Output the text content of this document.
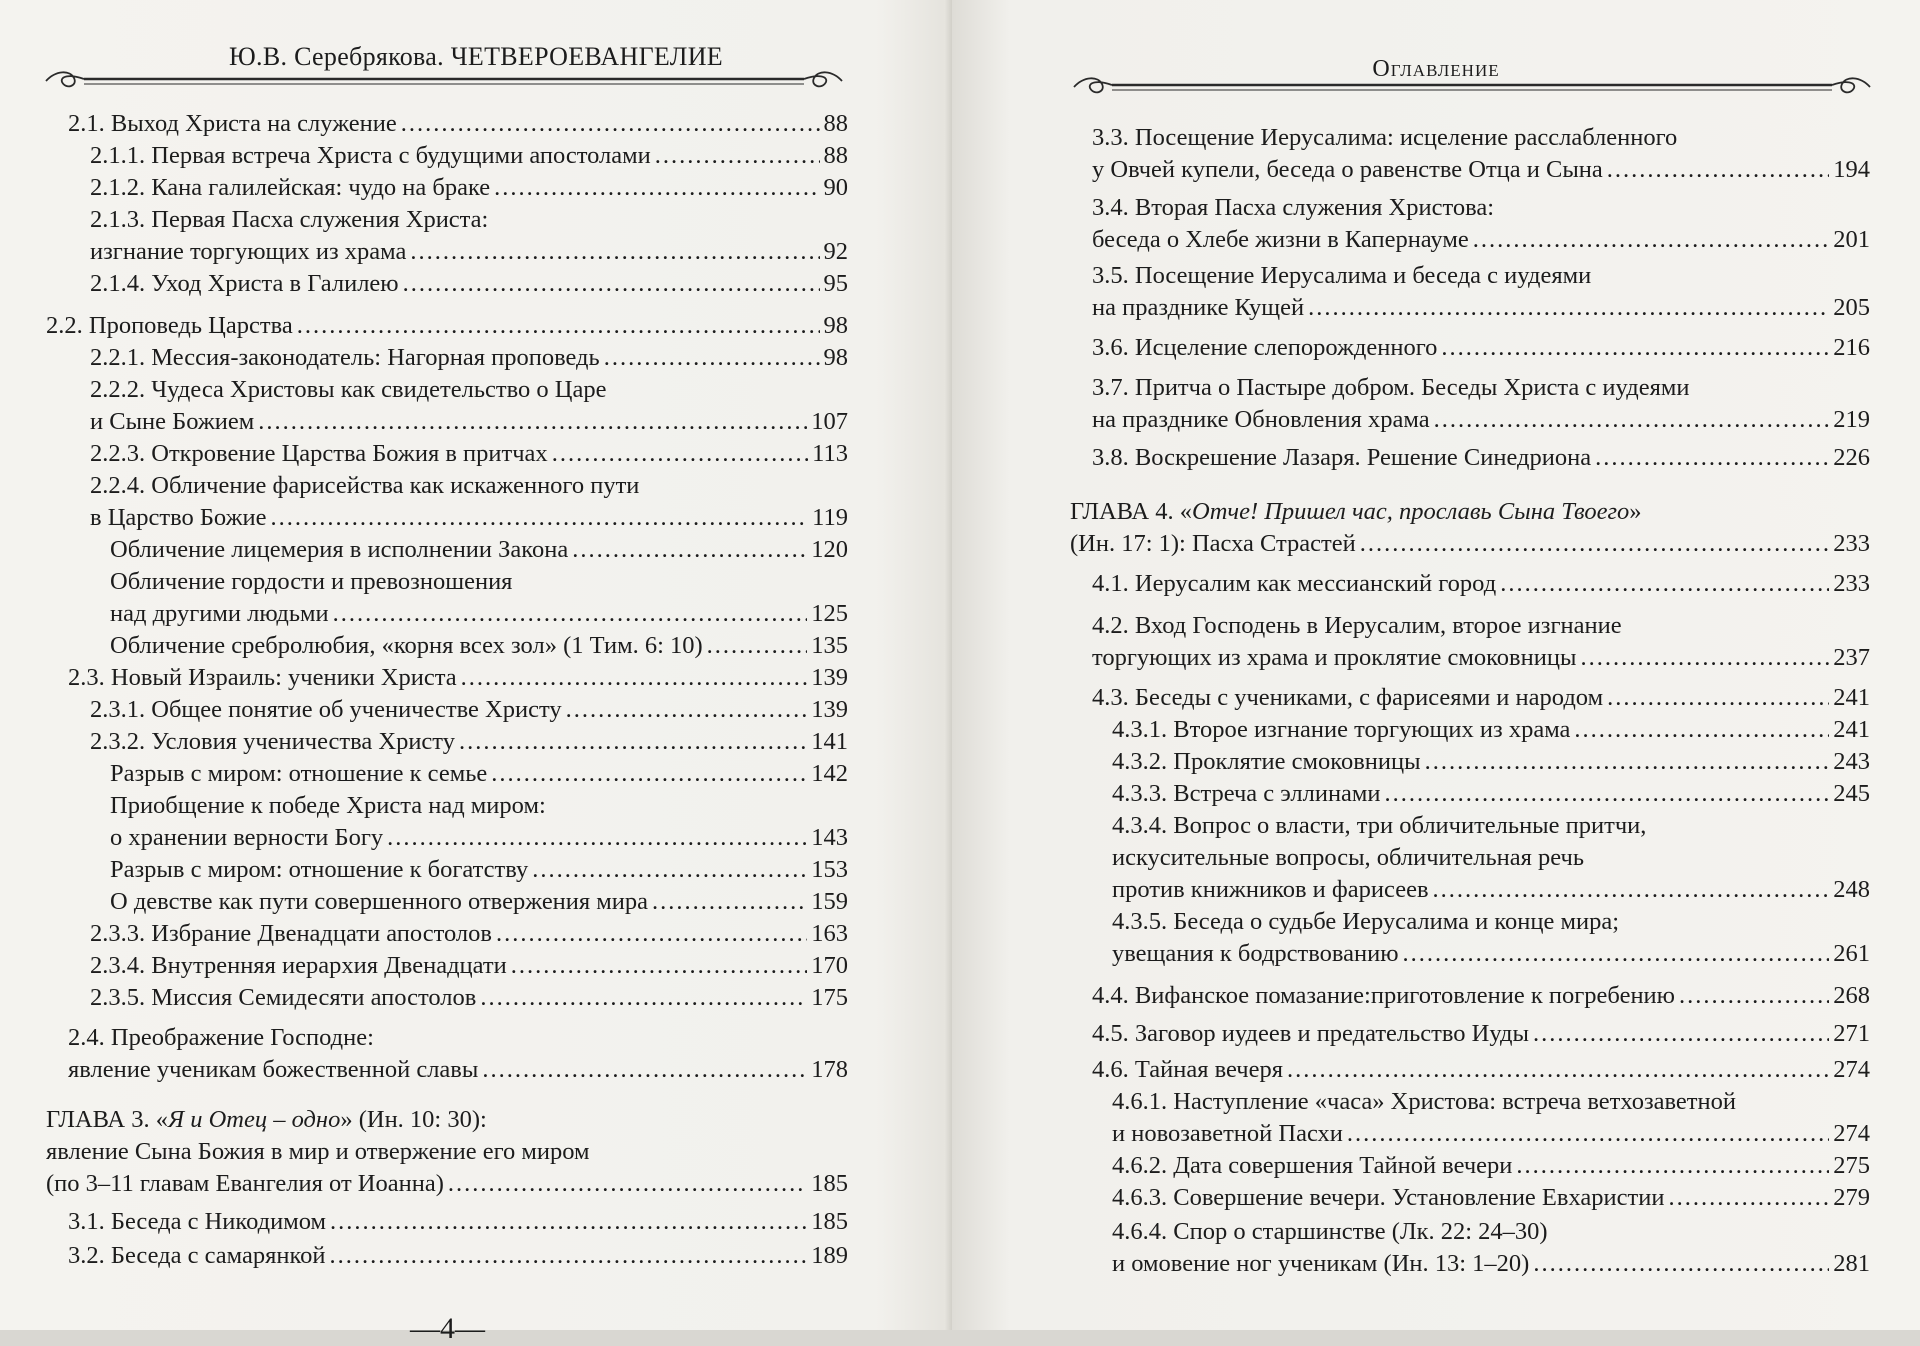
Ю.В. Серебрякова. ЧЕТВЕРОЕВАНГЕЛИЕ
2.1. Выход Христа на служение .....	88
2.1.1. Первая встреча Христа с будущими апостолами .....	88
2.1.2. Кана галилейская: чудо на браке .....	90
2.1.3. Первая Пасха служения Христа:
изгнание торгующих из храма .....	92
2.1.4. Уход Христа в Галилею .....	95
2.2. Проповедь Царства .....	98
2.2.1. Мессия-законодатель: Нагорная проповедь .....	98
2.2.2. Чудеса Христовы как свидетельство о Царе
и Сыне Божием .....	107
2.2.3. Откровение Царства Божия в притчах .....	113
2.2.4. Обличение фарисейства как искаженного пути
в Царство Божие .....	119
Обличение лицемерия в исполнении Закона .....	120
Обличение гордости и превозношения
над другими людьми .....	125
Обличение сребролюбия, «корня всех зол» (1 Тим. 6: 10) .....	135
2.3. Новый Израиль: ученики Христа .....	139
2.3.1. Общее понятие об ученичестве Христу .....	139
2.3.2. Условия ученичества Христу .....	141
Разрыв с миром: отношение к семье .....	142
Приобщение к победе Христа над миром:
о хранении верности Богу .....	143
Разрыв с миром: отношение к богатству .....	153
О девстве как пути совершенного отвержения мира .....	159
2.3.3. Избрание Двенадцати апостолов .....	163
2.3.4. Внутренняя иерархия Двенадцати .....	170
2.3.5. Миссия Семидесяти апостолов .....	175
2.4. Преображение Господне:
явление ученикам божественной славы .....	178
ГЛАВА 3. «Я и Отец – одно» (Ин. 10: 30):
явление Сына Божия в мир и отвержение его миром
(по 3–11 главам Евангелия от Иоанна) .....	185
3.1. Беседа с Никодимом .....	185
3.2. Беседа с самарянкой .....	189
—4—
Оглавление
3.3. Посещение Иерусалима: исцеление расслабленного
у Овчей купели, беседа о равенстве Отца и Сына .....	194
3.4. Вторая Пасха служения Христова:
беседа о Хлебе жизни в Капернауме .....	201
3.5. Посещение Иерусалима и беседа с иудеями
на празднике Кущей .....	205
3.6. Исцеление слепорожденного .....	216
3.7. Притча о Пастыре добром. Беседы Христа с иудеями
на празднике Обновления храма .....	219
3.8. Воскрешение Лазаря. Решение Синедриона .....	226
ГЛАВА 4. «Отче! Пришел час, прославь Сына Твоего»
(Ин. 17: 1): Пасха Страстей .....	233
4.1. Иерусалим как мессианский город .....	233
4.2. Вход Господень в Иерусалим, второе изгнание
торгующих из храма и проклятие смоковницы .....	237
4.3. Беседы с учениками, с фарисеями и народом .....	241
4.3.1. Второе изгнание торгующих из храма .....	241
4.3.2. Проклятие смоковницы .....	243
4.3.3. Встреча с эллинами .....	245
4.3.4. Вопрос о власти, три обличительные притчи,
искусительные вопросы, обличительная речь
против книжников и фарисеев .....	248
4.3.5. Беседа о судьбе Иерусалима и конце мира;
увещания к бодрствованию .....	261
4.4. Вифанское помазание:приготовление к погребению .....	268
4.5. Заговор иудеев и предательство Иуды .....	271
4.6. Тайная вечеря .....	274
4.6.1. Наступление «часа» Христова: встреча ветхозаветной
и новозаветной Пасхи .....	274
4.6.2. Дата совершения Тайной вечери .....	275
4.6.3. Совершение вечери. Установление Евхаристии .....	279
4.6.4. Спор о старшинстве (Лк. 22: 24–30)
и омовение ног ученикам (Ин. 13: 1–20) .....	281
